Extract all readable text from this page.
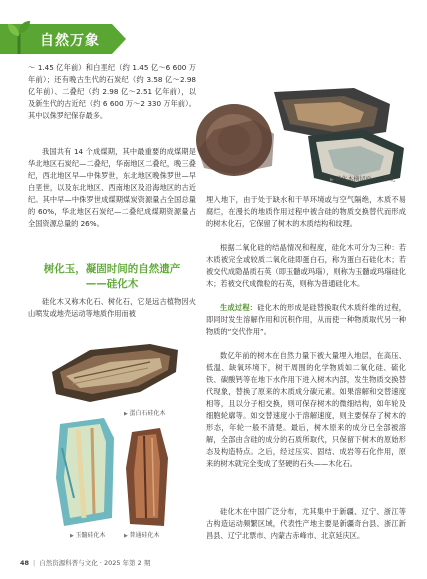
自然万象

～ 1.45 亿年前）和白垩纪（约 1.45 亿～6 600 万年前）；还有晚古生代的石炭纪（约 3.58 亿～2.98 亿年前）、二叠纪（约 2.98 亿～2.51 亿年前），以及新生代的古近纪（约 6 600 万～2 330 万年前）。其中以侏罗纪保存最多。

我国共有 14 个成煤期，其中最重要的成煤期是华北地区石炭纪—二叠纪，华南地区二叠纪，晚三叠纪，西北地区早—中侏罗世，东北地区晚侏罗世—早白垩世，以及东北地区、西南地区及沿海地区的古近纪。其中早—中侏罗世成煤期煤炭资源量占全国总量的 60%，华北地区石炭纪—二叠纪成煤期资源量占全国资源总量的 26%。

树化玉，凝固时间的自然遗产
——硅化木

硅化木又称木化石、树化石，它是远古植物因火山喷发或地壳运动等地质作用而被

▶ 硅化木横切面——年轮

埋入地下，由于处于缺水和干旱环境或与空气隔绝，木质不易腐烂，在漫长的地质作用过程中被含硅的物质交换替代而形成的树木化石，它保留了树木的木质结构和纹理。

根据二氧化硅的结晶情况和程度，硅化木可分为三种：若木质被完全或较质二氧化硅即蛋白石，称为蛋白石硅化木；若被交代成隐晶质石英（即玉髓或玛瑙），则称为玉髓或玛瑙硅化木；若被交代成微粒的石英，则称为普通硅化木。

生成过程：硅化木的形成是硅替换取代木质纤维的过程，即同时发生溶解作用和沉积作用，从而使一种物质取代另一种物质的“交代作用”。

数亿年前的树木在自然力量下被大量埋入地层，在高压、低温、缺氧环境下，树干周围的化学物质如二氧化硅、硫化铁、碳酸钙等在地下水作用下进入树木内部，发生物质交换替代现象，替换了原来的木质成分碳元素。如果溶解和交替速度相等，且以分子相交换，则可保存树木的微细结构，如年轮及细胞轮廓等。如交替速度小于溶解速度，则主要保存了树木的形态，年轮一般不清楚。最后，树木原来的成分已全部被溶解，全部由含硅的成分的石质所取代，只保留下树木的原始形态及构造特点。之后，经过压实、固结、成岩等石化作用，原来的树木就完全变成了坚硬的石头——木化石。

硅化木在中国广泛分布，尤其集中于新疆、辽宁、浙江等古构造运动频繁区域，代表性产地主要是新疆奇台县、浙江新昌县、辽宁北票市、内蒙古赤峰市、北京延庆区。

▶ 蛋白石硅化木
▶ 玉髓硅化木
▶	普通硅化木
48 | 自然资源科普与文化 · 2025 年第 2 期
